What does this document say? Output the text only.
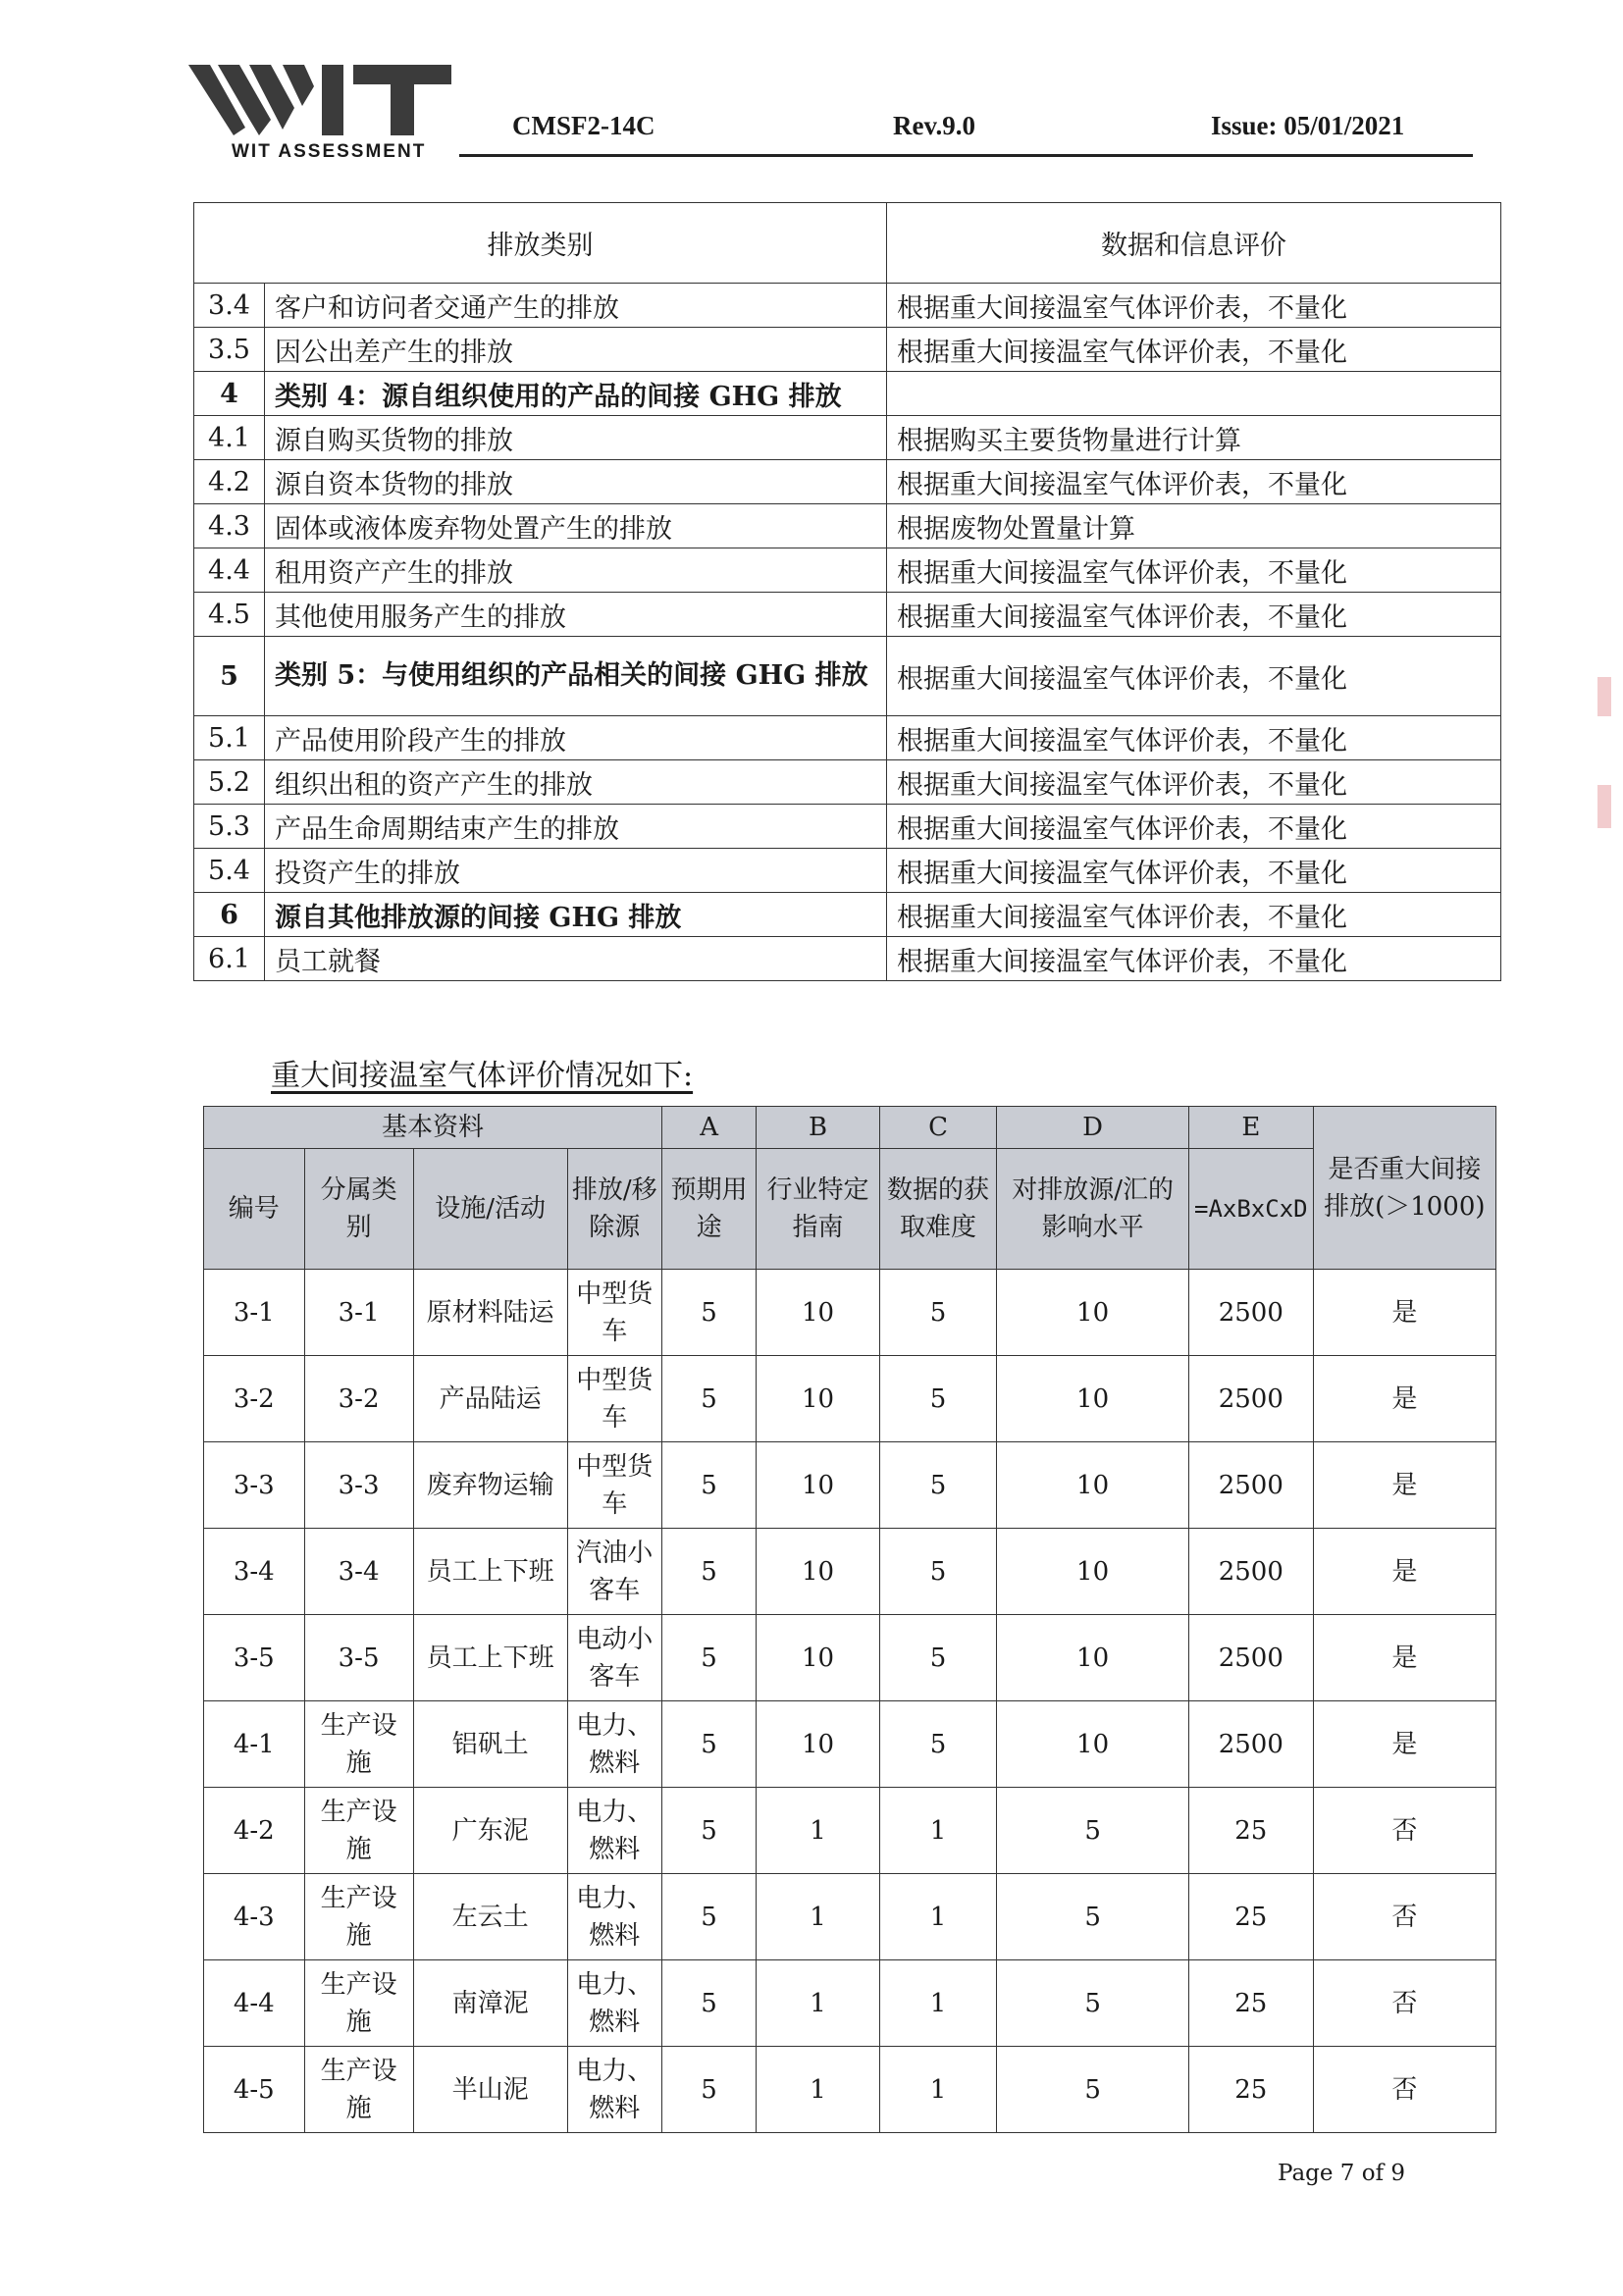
WIT ASSESSMENT
CMSF2-14C	Rev.9.0	Issue: 05/01/2021
排放类别		数据和信息评价
3.4	客户和访问者交通产生的排放	根据重大间接温室气体评价表，不量化
3.5	因公出差产生的排放	根据重大间接温室气体评价表，不量化
4	类别 4：源自组织使用的产品的间接 GHG 排放	
4.1	源自购买货物的排放	根据购买主要货物量进行计算
4.2	源自资本货物的排放	根据重大间接温室气体评价表，不量化
4.3	固体或液体废弃物处置产生的排放	根据废物处置量计算
4.4	租用资产产生的排放	根据重大间接温室气体评价表，不量化
4.5	其他使用服务产生的排放	根据重大间接温室气体评价表，不量化
5	类别 5：与使用组织的产品相关的间接 GHG 排放	根据重大间接温室气体评价表，不量化
5.1	产品使用阶段产生的排放	根据重大间接温室气体评价表，不量化
5.2	组织出租的资产产生的排放	根据重大间接温室气体评价表，不量化
5.3	产品生命周期结束产生的排放	根据重大间接温室气体评价表，不量化
5.4	投资产生的排放	根据重大间接温室气体评价表，不量化
6	源自其他排放源的间接 GHG 排放	根据重大间接温室气体评价表，不量化
6.1	员工就餐	根据重大间接温室气体评价表，不量化
重大间接温室气体评价情况如下:
基本资料				A	B	C	D	E	是否重大间接排放(＞1000)
编号	分属类别	设施/活动	排放/移除源	预期用途	行业特定指南	数据的获取难度	对排放源/汇的影响水平	=AxBxCxD	
3-1	3-1	原材料陆运	中型货车	5	10	5	10	2500	是
3-2	3-2	产品陆运	中型货车	5	10	5	10	2500	是
3-3	3-3	废弃物运输	中型货车	5	10	5	10	2500	是
3-4	3-4	员工上下班	汽油小客车	5	10	5	10	2500	是
3-5	3-5	员工上下班	电动小客车	5	10	5	10	2500	是
4-1	生产设施	铝矾土	电力、燃料	5	10	5	10	2500	是
4-2	生产设施	广东泥	电力、燃料	5	1	1	5	25	否
4-3	生产设施	左云土	电力、燃料	5	1	1	5	25	否
4-4	生产设施	南漳泥	电力、燃料	5	1	1	5	25	否
4-5	生产设施	半山泥	电力、燃料	5	1	1	5	25	否
Page 7 of 9
